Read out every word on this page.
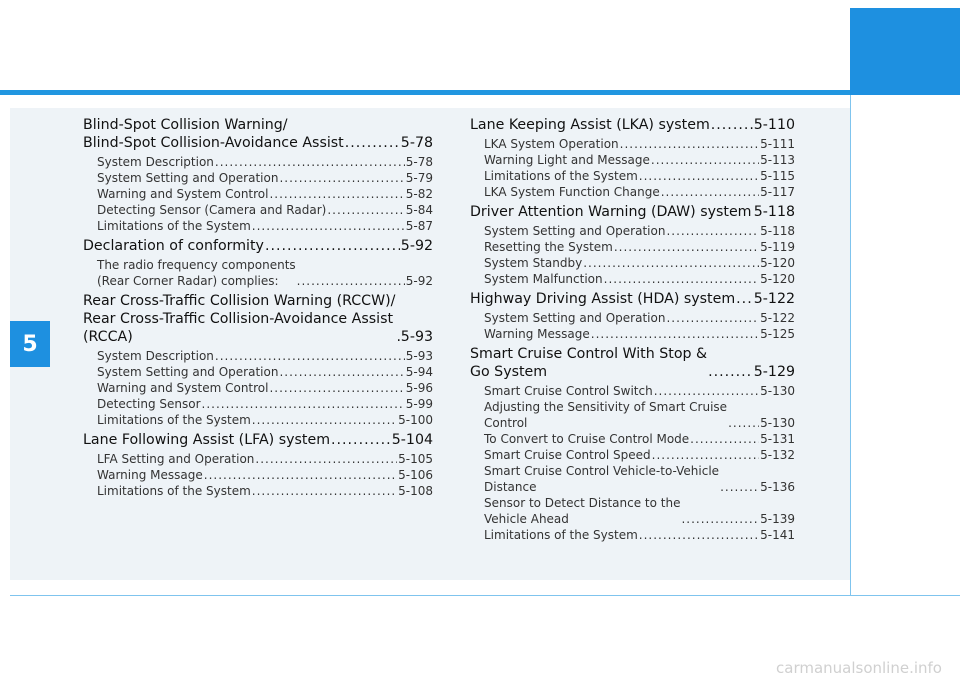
5
Blind-Spot Collision Warning/
Blind-Spot Collision-Avoidance Assist .....	5-78
System Description .....	5-78
System Setting and Operation .....	5-79
Warning and System Control .....	5-82
Detecting Sensor (Camera and Radar) .....	5-84
Limitations of the System .....	5-87
Declaration of conformity .....	5-92
The radio frequency components
(Rear Corner Radar) complies: .....	5-92
Rear Cross-Traffic Collision Warning (RCCW)/
Rear Cross-Traffic Collision-Avoidance Assist
(RCCA) .....	5-93
System Description .....	5-93
System Setting and Operation .....	5-94
Warning and System Control .....	5-96
Detecting Sensor .....	5-99
Limitations of the System .....	5-100
Lane Following Assist (LFA) system .....	5-104
LFA Setting and Operation .....	5-105
Warning Message .....	5-106
Limitations of the System .....	5-108
Lane Keeping Assist (LKA) system .....	5-110
LKA System Operation .....	5-111
Warning Light and Message .....	5-113
Limitations of the System .....	5-115
LKA System Function Change .....	5-117
Driver Attention Warning (DAW) system ..... 5-118
System Setting and Operation .....	5-118
Resetting the System .....	5-119
System Standby .....	5-120
System Malfunction .....	5-120
Highway Driving Assist (HDA) system ..... 5-122
System Setting and Operation .....	5-122
Warning Message .....	5-125
Smart Cruise Control With Stop &
Go System .....	5-129
Smart Cruise Control Switch .....	5-130
Adjusting the Sensitivity of Smart Cruise
Control .....	5-130
To Convert to Cruise Control Mode .....	5-131
Smart Cruise Control Speed .....	5-132
Smart Cruise Control Vehicle-to-Vehicle
Distance .....	5-136
Sensor to Detect Distance to the
Vehicle Ahead .....	5-139
Limitations of the System .....	5-141
carmanualsonline.info
